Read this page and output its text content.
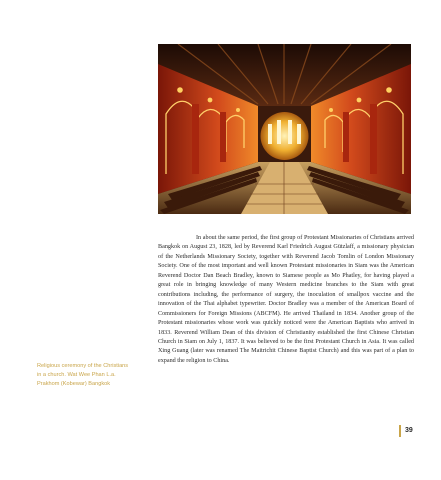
In about the same period, the first group of Protestant Missionaries of Christians arrived Bangkok on August 23, 1828, led by Reverend Karl Friedrich August Gützlaff, a missionary physician of the Netherlands Missionary Society, together with Reverend Jacob Tomlin of London Missionary Society. One of the most important and well known Protestant missionaries in Siam was the American Reverend Doctor Dan Beach Bradley, known to Siamese people as Mo Phatley, for having played a great role in bringing knowledge of many Western medicine branches to the Siam with great contributions including, the performance of surgery, the inoculation of smallpox vaccine and the innovation of the Thai alphabet typewriter. Doctor Bradley was a member of the American Board of Commissioners for Foreign Missions (ABCFM). He arrived Thailand in 1834. Another group of the Protestant missionaries whose work was quickly noticed were the American Baptists who arrived in 1833. Reverend William Dean of this division of Christianity established the first Chinese Christian Church in Siam on July 1, 1837. It was believed to be the first Protestant Church in Asia. It was called Xing Guang (later was renamed The Maitrichit Chinese Baptist Church) and this was part of a plan to expand the religion to China.

Religious ceremony of the Christians in a church. Wat Wee Phan L.a. Prakhom (Kobewar) Bangkok

39
